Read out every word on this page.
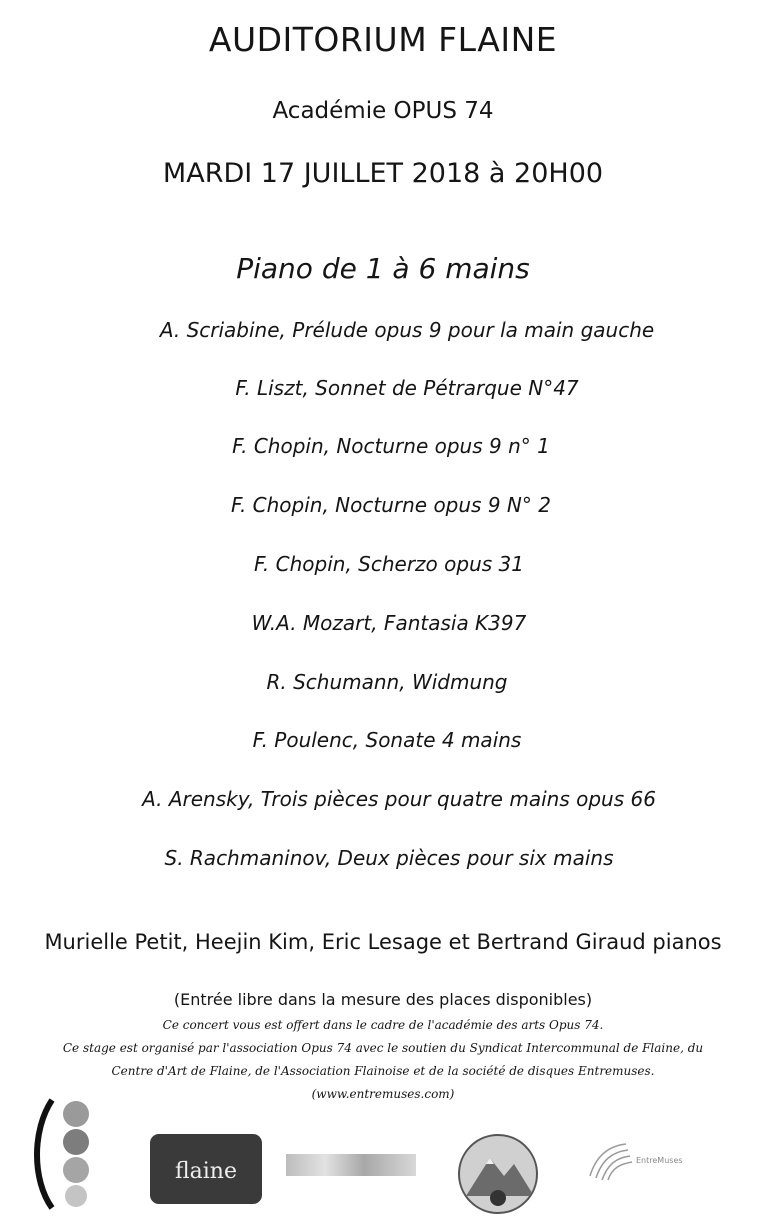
AUDITORIUM FLAINE
Académie OPUS 74
MARDI 17 JUILLET 2018 à 20H00
Piano de 1 à 6 mains
A. Scriabine, Prélude opus 9 pour la main gauche
F. Liszt, Sonnet de Pétrarque N°47
F. Chopin, Nocturne opus 9 n° 1
F. Chopin, Nocturne opus 9 N° 2
F. Chopin, Scherzo opus 31
W.A. Mozart, Fantasia K397
R. Schumann, Widmung
F. Poulenc, Sonate 4 mains
A. Arensky, Trois pièces pour quatre mains opus 66
S. Rachmaninov, Deux pièces pour six mains
Murielle Petit, Heejin Kim, Eric Lesage et Bertrand Giraud pianos
(Entrée libre dans la mesure des places disponibles)
Ce concert vous est offert dans le cadre de l'académie des arts Opus 74.
Ce stage est organisé par l'association Opus 74 avec le soutien du Syndicat Intercommunal de Flaine, du
Centre d'Art de Flaine, de l'Association Flainoise et de la société de disques Entremuses.
(www.entremuses.com)
flaine	EntreMuses
